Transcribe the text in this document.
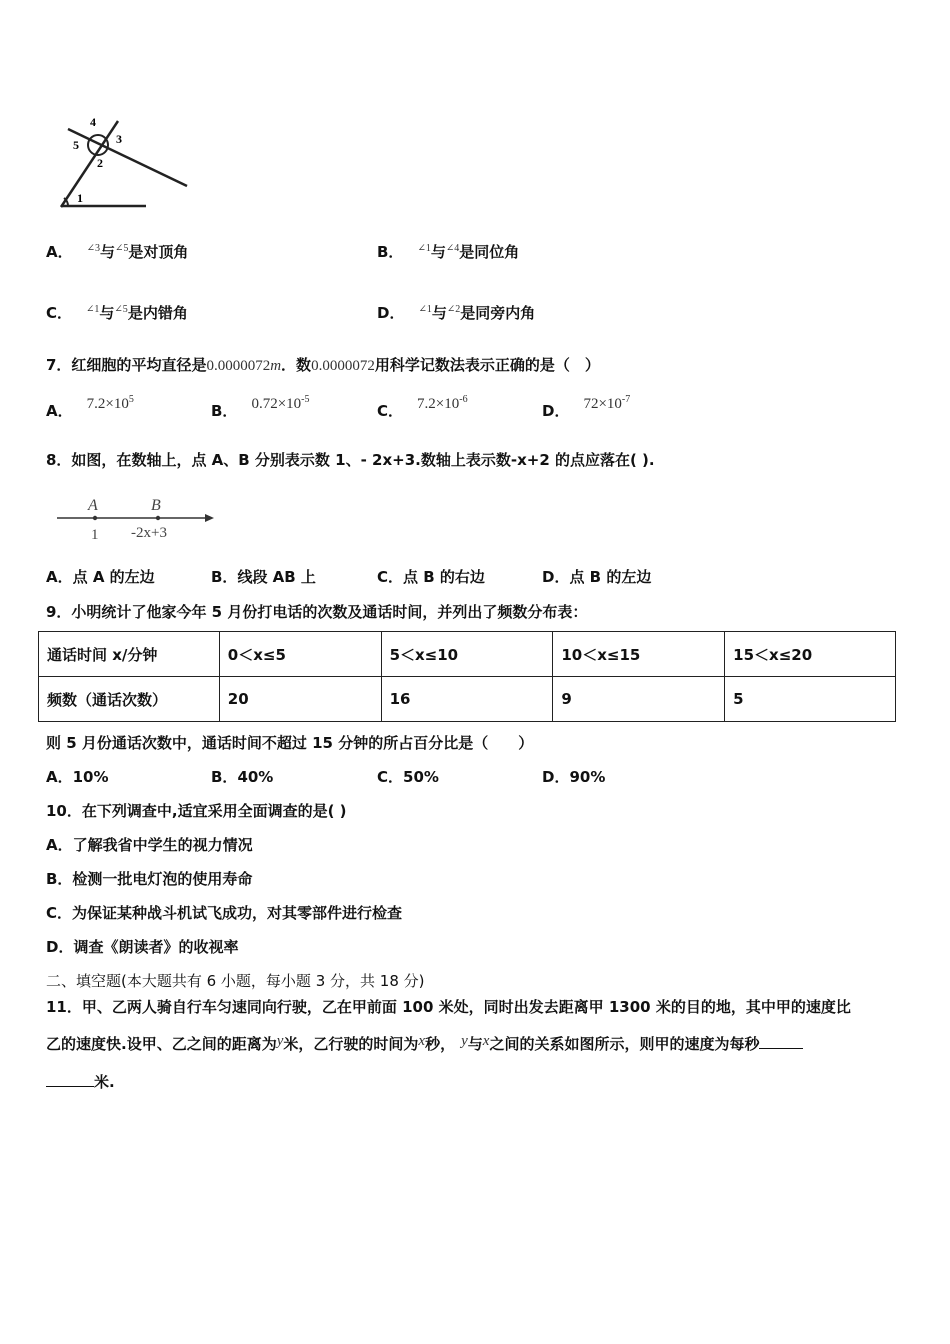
4
3
5
2
1
A． $^{\angle 3}$与$^{\angle 5}$是对顶角	B． $^{\angle 1}$与$^{\angle 4}$是同位角
C． $^{\angle 1}$与$^{\angle 5}$是内错角	D． $^{\angle 1}$与$^{\angle 2}$是同旁内角
7．红细胞的平均直径是0.0000072m．数0.0000072用科学记数法表示正确的是（　）
A． $7.2\times 10^5$
B． $0.72\times 10^{-5}$
C． $7.2\times 10^{-6}$
D． $72\times 10^{-7}$
8．如图，在数轴上，点 A、B 分别表示数 1、- 2x+3.数轴上表示数-x+2 的点应落在( ).
A	B
1 -2x+3
A．点 A 的左边	B．线段 AB 上	C．点 B 的右边	D．点 B 的左边
9．小明统计了他家今年 5 月份打电话的次数及通话时间，并列出了频数分布表：
通话时间 x/分钟	0＜x≤5	5＜x≤10	10＜x≤15	15＜x≤20
频数（通话次数）	20	16	9	5
则 5 月份通话次数中，通话时间不超过 15 分钟的所占百分比是（　　）
A．10%	B．40%	C．50%	D．90%
10．在下列调查中,适宜采用全面调查的是( )
A．了解我省中学生的视力情况
B．检测一批电灯泡的使用寿命
C．为保证某种战斗机试飞成功，对其零部件进行检查
D．调查《朗读者》的收视率
二、填空题(本大题共有 6 小题，每小题 3 分，共 18 分)
11．甲、乙两人骑自行车匀速同向行驶，乙在甲前面 100 米处，同时出发去距离甲 1300 米的目的地，其中甲的速度比
乙的速度快.设甲、乙之间的距离为y米，乙行驶的时间为x秒， y与x之间的关系如图所示，则甲的速度为每秒
米.
